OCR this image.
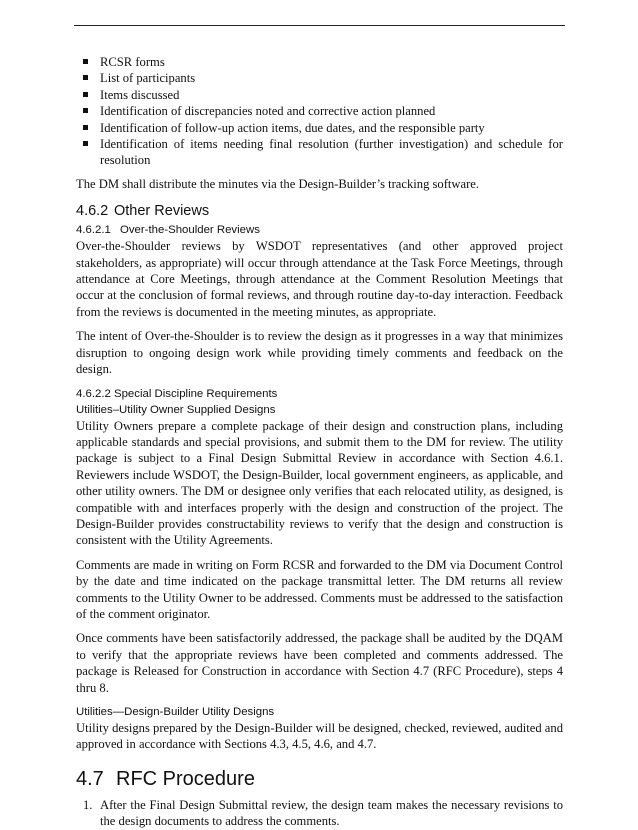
RCSR forms
List of participants
Items discussed
Identification of discrepancies noted and corrective action planned
Identification of follow-up action items, due dates, and the responsible party
Identification of items needing final resolution (further investigation) and schedule for resolution

The DM shall distribute the minutes via the Design-Builder’s tracking software.

4.6.2 Other Reviews
4.6.2.1 Over-the-Shoulder Reviews

Over-the-Shoulder reviews by WSDOT representatives (and other approved project stakeholders, as appropriate) will occur through attendance at the Task Force Meetings, through attendance at Core Meetings, through attendance at the Comment Resolution Meetings that occur at the conclusion of formal reviews, and through routine day-to-day interaction. Feedback from the reviews is documented in the meeting minutes, as appropriate.

The intent of Over-the-Shoulder is to review the design as it progresses in a way that minimizes disruption to ongoing design work while providing timely comments and feedback on the design.

4.6.2.2 Special Discipline Requirements
Utilities–Utility Owner Supplied Designs

Utility Owners prepare a complete package of their design and construction plans, including applicable standards and special provisions, and submit them to the DM for review. The utility package is subject to a Final Design Submittal Review in accordance with Section 4.6.1. Reviewers include WSDOT, the Design-Builder, local government engineers, as applicable, and other utility owners. The DM or designee only verifies that each relocated utility, as designed, is compatible with and interfaces properly with the design and construction of the project. The Design-Builder provides constructability reviews to verify that the design and construction is consistent with the Utility Agreements.

Comments are made in writing on Form RCSR and forwarded to the DM via Document Control by the date and time indicated on the package transmittal letter. The DM returns all review comments to the Utility Owner to be addressed. Comments must be addressed to the satisfaction of the comment originator.

Once comments have been satisfactorily addressed, the package shall be audited by the DQAM to verify that the appropriate reviews have been completed and comments addressed. The package is Released for Construction in accordance with Section 4.7 (RFC Procedure), steps 4 thru 8.

Utilities—Design-Builder Utility Designs

Utility designs prepared by the Design-Builder will be designed, checked, reviewed, audited and approved in accordance with Sections 4.3, 4.5, 4.6, and 4.7.

4.7 RFC Procedure
1. After the Final Design Submittal review, the design team makes the necessary revisions to the design documents to address the comments.
